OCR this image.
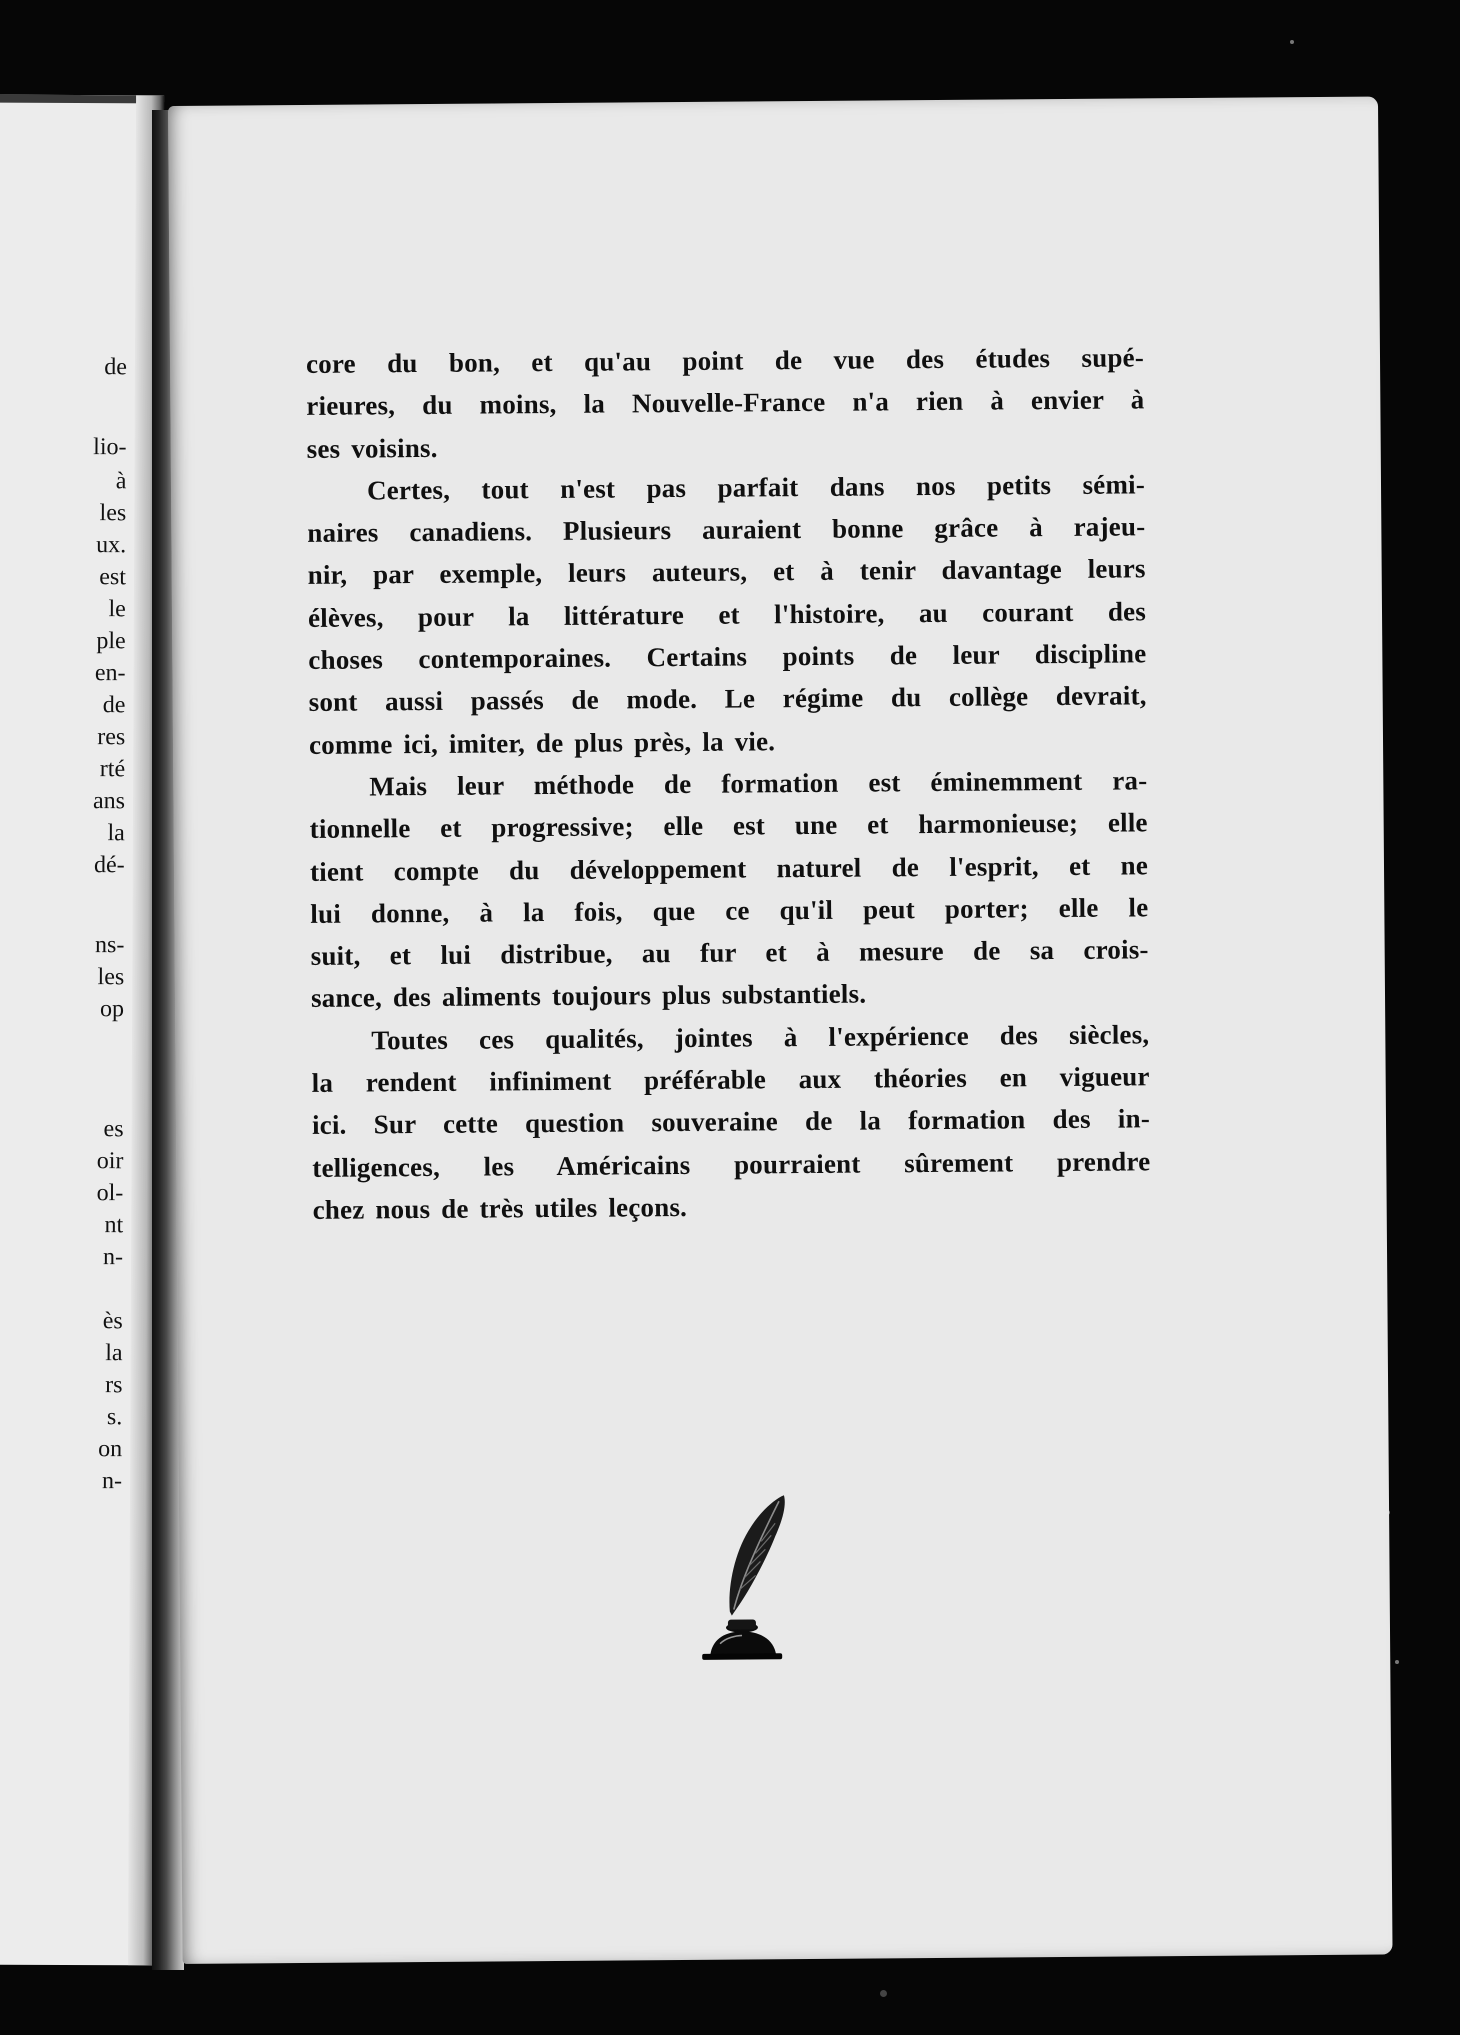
de
lio-
à
les
ux.
est
le
ple
en-
de
res
rté
ans
la
dé-
ns-
les
op
es
oir
ol-
nt
n-
ès
la
rs
s.
on
n-
core du bon, et qu'au point de vue des études supé-
rieures, du moins, la Nouvelle-France n'a rien à envier à
ses voisins.
Certes, tout n'est pas parfait dans nos petits sémi-
naires canadiens. Plusieurs auraient bonne grâce à rajeu-
nir, par exemple, leurs auteurs, et à tenir davantage leurs
élèves, pour la littérature et l'histoire, au courant des
choses contemporaines. Certains points de leur discipline
sont aussi passés de mode. Le régime du collège devrait,
comme ici, imiter, de plus près, la vie.
Mais leur méthode de formation est éminemment ra-
tionnelle et progressive; elle est une et harmonieuse; elle
tient compte du développement naturel de l'esprit, et ne
lui donne, à la fois, que ce qu'il peut porter; elle le
suit, et lui distribue, au fur et à mesure de sa crois-
sance, des aliments toujours plus substantiels.
Toutes ces qualités, jointes à l'expérience des siècles,
la rendent infiniment préférable aux théories en vigueur
ici. Sur cette question souveraine de la formation des in-
telligences, les Américains pourraient sûrement prendre
chez nous de très utiles leçons.
